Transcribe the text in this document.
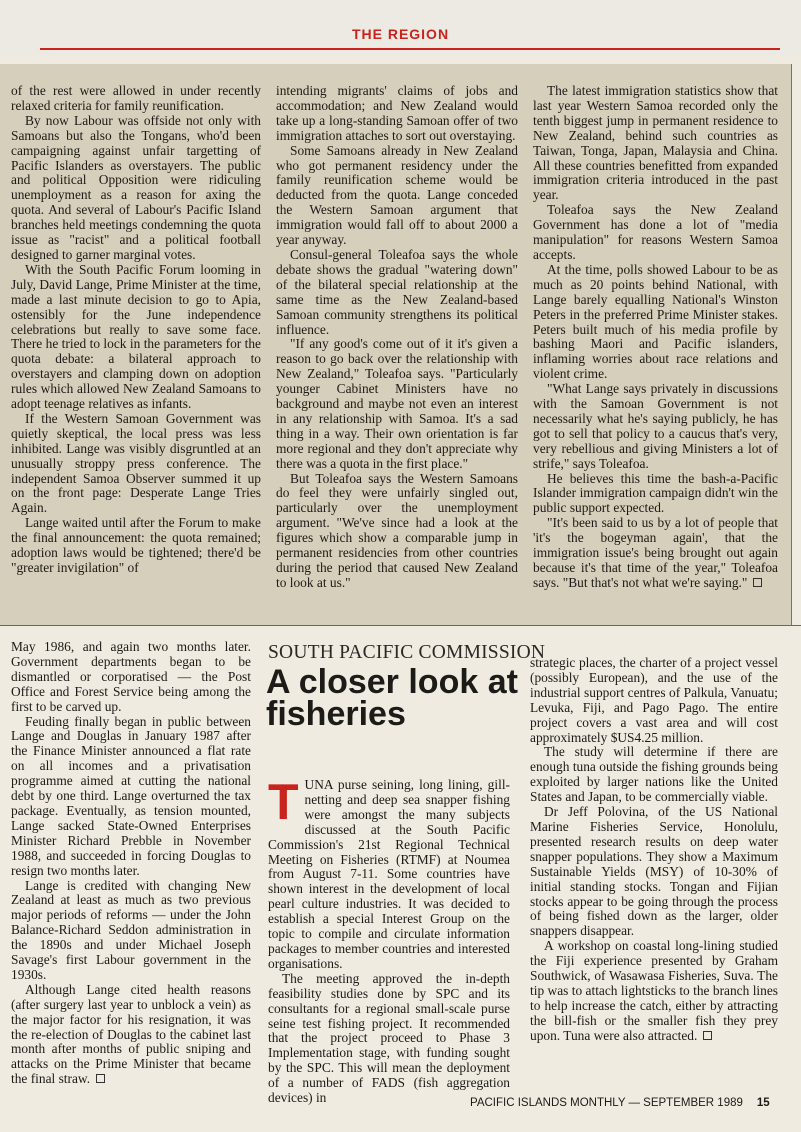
THE REGION

of the rest were allowed in under recently relaxed criteria for family reunification.

By now Labour was offside not only with Samoans but also the Tongans, who'd been campaigning against unfair targetting of Pacific Islanders as overstayers. The public and political Opposition were ridiculing unemployment as a reason for axing the quota. And several of Labour's Pacific Island branches held meetings condemning the quota issue as "racist" and a political football designed to garner marginal votes.

With the South Pacific Forum looming in July, David Lange, Prime Minister at the time, made a last minute decision to go to Apia, ostensibly for the June independence celebrations but really to save some face. There he tried to lock in the parameters for the quota debate: a bilateral approach to overstayers and clamping down on adoption rules which allowed New Zealand Samoans to adopt teenage relatives as infants.

If the Western Samoan Government was quietly skeptical, the local press was less inhibited. Lange was visibly disgruntled at an unusually stroppy press conference. The independent Samoa Observer summed it up on the front page: Desperate Lange Tries Again.

Lange waited until after the Forum to make the final announcement: the quota remained; adoption laws would be tightened; there'd be "greater invigilation" of

intending migrants' claims of jobs and accommodation; and New Zealand would take up a long-standing Samoan offer of two immigration attaches to sort out overstaying.

Some Samoans already in New Zealand who got permanent residency under the family reunification scheme would be deducted from the quota. Lange conceded the Western Samoan argument that immigration would fall off to about 2000 a year anyway.

Consul-general Toleafoa says the whole debate shows the gradual "watering down" of the bilateral special relationship at the same time as the New Zealand-based Samoan community strengthens its political influence.

"If any good's come out of it it's given a reason to go back over the relationship with New Zealand," Toleafoa says. "Particularly younger Cabinet Ministers have no background and maybe not even an interest in any relationship with Samoa. It's a sad thing in a way. Their own orientation is far more regional and they don't appreciate why there was a quota in the first place."

But Toleafoa says the Western Samoans do feel they were unfairly singled out, particularly over the unemployment argument. "We've since had a look at the figures which show a comparable jump in permanent residencies from other countries during the period that caused New Zealand to look at us."

The latest immigration statistics show that last year Western Samoa recorded only the tenth biggest jump in permanent residence to New Zealand, behind such countries as Taiwan, Tonga, Japan, Malaysia and China. All these countries benefitted from expanded immigration criteria introduced in the past year.

Toleafoa says the New Zealand Government has done a lot of "media manipulation" for reasons Western Samoa accepts.

At the time, polls showed Labour to be as much as 20 points behind National, with Lange barely equalling National's Winston Peters in the preferred Prime Minister stakes. Peters built much of his media profile by bashing Maori and Pacific islanders, inflaming worries about race relations and violent crime.

"What Lange says privately in discussions with the Samoan Government is not necessarily what he's saying publicly, he has got to sell that policy to a caucus that's very, very rebellious and giving Ministers a lot of strife," says Toleafoa.

He believes this time the bash-a-Pacific Islander immigration campaign didn't win the public support expected.

"It's been said to us by a lot of people that 'it's the bogeyman again', that the immigration issue's being brought out again because it's that time of the year," Toleafoa says. "But that's not what we're saying."

May 1986, and again two months later. Government departments began to be dismantled or corporatised — the Post Office and Forest Service being among the first to be carved up.

Feuding finally began in public between Lange and Douglas in January 1987 after the Finance Minister announced a flat rate on all incomes and a privatisation programme aimed at cutting the national debt by one third. Lange overturned the tax package. Eventually, as tension mounted, Lange sacked State-Owned Enterprises Minister Richard Prebble in November 1988, and succeeded in forcing Douglas to resign two months later.

Lange is credited with changing New Zealand at least as much as two previous major periods of reforms — under the John Balance-Richard Seddon administration in the 1890s and under Michael Joseph Savage's first Labour government in the 1930s.

Although Lange cited health reasons (after surgery last year to unblock a vein) as the major factor for his resignation, it was the re-election of Douglas to the cabinet last month after months of public sniping and attacks on the Prime Minister that became the final straw.

SOUTH PACIFIC COMMISSION
A closer look at fisheries

TUNA purse seining, long lining, gill-netting and deep sea snapper fishing were amongst the many subjects discussed at the South Pacific Commission's 21st Regional Technical Meeting on Fisheries (RTMF) at Noumea from August 7-11. Some countries have shown interest in the development of local pearl culture industries. It was decided to establish a special Interest Group on the topic to compile and circulate information packages to member countries and interested organisations.

The meeting approved the in-depth feasibility studies done by SPC and its consultants for a regional small-scale purse seine test fishing project. It recommended that the project proceed to Phase 3 Implementation stage, with funding sought by the SPC. This will mean the deployment of a number of FADS (fish aggregation devices) in

strategic places, the charter of a project vessel (possibly European), and the use of the industrial support centres of Palkula, Vanuatu; Levuka, Fiji, and Pago Pago. The entire project covers a vast area and will cost approximately $US4.25 million.

The study will determine if there are enough tuna outside the fishing grounds being exploited by larger nations like the United States and Japan, to be commercially viable.

Dr Jeff Polovina, of the US National Marine Fisheries Service, Honolulu, presented research results on deep water snapper populations. They show a Maximum Sustainable Yields (MSY) of 10-30% of initial standing stocks. Tongan and Fijian stocks appear to be going through the process of being fished down as the larger, older snappers disappear.

A workshop on coastal long-lining studied the Fiji experience presented by Graham Southwick, of Wasawasa Fisheries, Suva. The tip was to attach lightsticks to the branch lines to help increase the catch, either by attracting the bill-fish or the smaller fish they prey upon. Tuna were also attracted.

PACIFIC ISLANDS MONTHLY — SEPTEMBER 1989 15
